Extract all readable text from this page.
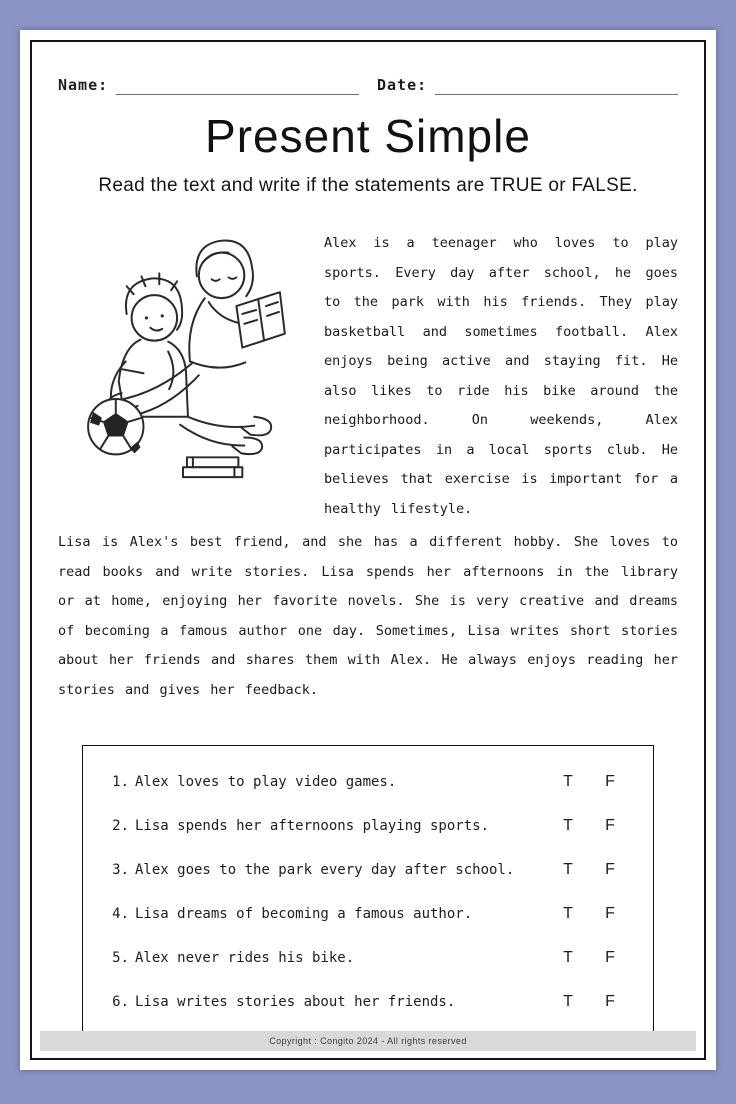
Name:	Date:
Present Simple
Read the text and write if the statements are TRUE or FALSE.
Alex is a teenager who loves to play sports. Every day after school, he goes to the park with his friends. They play basketball and sometimes football. Alex enjoys being active and staying fit. He also likes to ride his bike around the neighborhood. On weekends, Alex participates in a local sports club. He believes that exercise is important for a healthy lifestyle.
Lisa is Alex's best friend, and she has a different hobby. She loves to read books and write stories. Lisa spends her afternoons in the library or at home, enjoying her favorite novels. She is very creative and dreams of becoming a famous author one day. Sometimes, Lisa writes short stories about her friends and shares them with Alex. He always enjoys reading her stories and gives her feedback.
1. Alex loves to play video games.	T	F
2. Lisa spends her afternoons playing sports.	T	F
3. Alex goes to the park every day after school.	T	F
4. Lisa dreams of becoming a famous author.	T	F
5. Alex never rides his bike.	T	F
6. Lisa writes stories about her friends.	T	F
Copyright : Congito 2024 - All rights reserved
